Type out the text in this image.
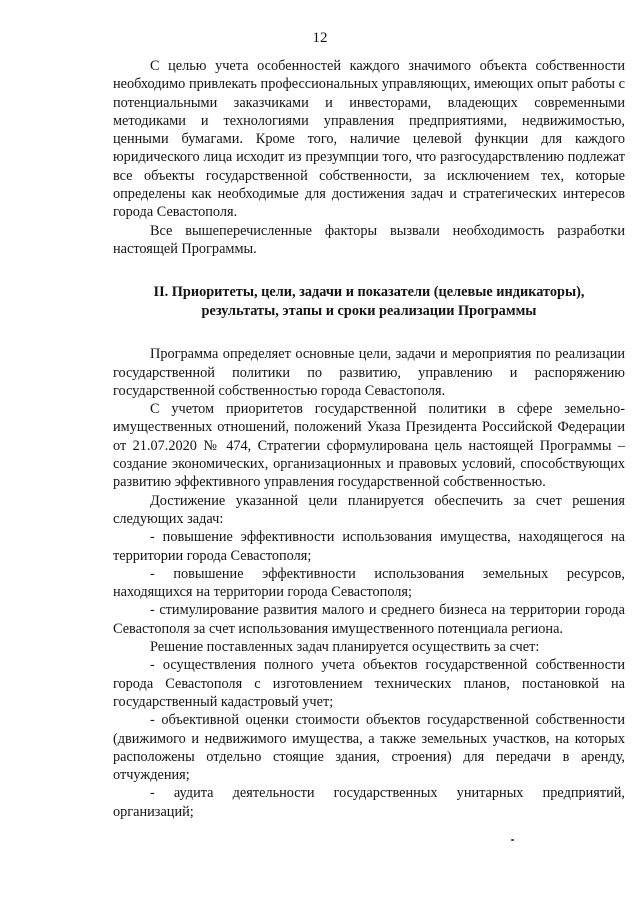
12

С целью учета особенностей каждого значимого объекта собственности необходимо привлекать профессиональных управляющих, имеющих опыт работы с потенциальными заказчиками и инвесторами, владеющих современными методиками и технологиями управления предприятиями, недвижимостью, ценными бумагами. Кроме того, наличие целевой функции для каждого юридического лица исходит из презумпции того, что разгосударствлению подлежат все объекты государственной собственности, за исключением тех, которые определены как необходимые для достижения задач и стратегических интересов города Севастополя.

Все вышеперечисленные факторы вызвали необходимость разработки настоящей Программы.

II. Приоритеты, цели, задачи и показатели (целевые индикаторы),
результаты, этапы и сроки реализации Программы

Программа определяет основные цели, задачи и мероприятия по реализации государственной политики по развитию, управлению и распоряжению государственной собственностью города Севастополя.

С учетом приоритетов государственной политики в сфере земельно-имущественных отношений, положений Указа Президента Российской Федерации от 21.07.2020 № 474, Стратегии сформулирована цель настоящей Программы – создание экономических, организационных и правовых условий, способствующих развитию эффективного управления государственной собственностью.

Достижение указанной цели планируется обеспечить за счет решения следующих задач:

- повышение эффективности использования имущества, находящегося на территории города Севастополя;

- повышение эффективности использования земельных ресурсов, находящихся на территории города Севастополя;

- стимулирование развития малого и среднего бизнеса на территории города Севастополя за счет использования имущественного потенциала региона.

Решение поставленных задач планируется осуществить за счет:

- осуществления полного учета объектов государственной собственности города Севастополя с изготовлением технических планов, постановкой на государственный кадастровый учет;

- объективной оценки стоимости объектов государственной собственности (движимого и недвижимого имущества, а также земельных участков, на которых расположены отдельно стоящие здания, строения) для передачи в аренду, отчуждения;

- аудита деятельности государственных унитарных предприятий, организаций;
